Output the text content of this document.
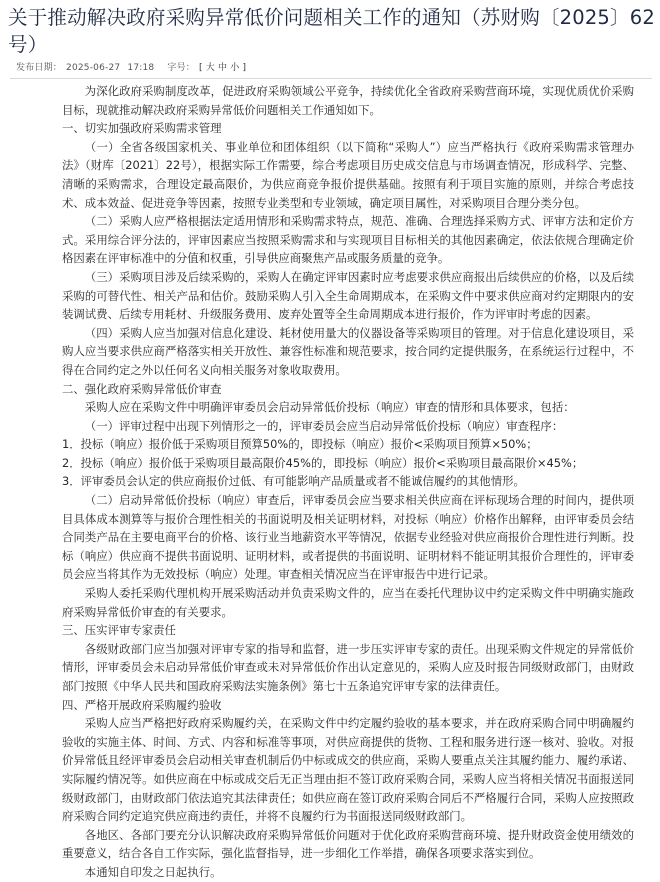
关于推动解决政府采购异常低价问题相关工作的通知（苏财购〔2025〕62号）
发布日期： 2025-06-27 17:18 字号： [ 大 中 小 ]

为深化政府采购制度改革，促进政府采购领域公平竞争，持续优化全省政府采购营商环境，实现优质优价采购目标，现就推动解决政府采购异常低价问题相关工作通知如下。

一、切实加强政府采购需求管理

（一）全省各级国家机关、事业单位和团体组织（以下简称“采购人”）应当严格执行《政府采购需求管理办法》（财库〔2021〕22号），根据实际工作需要，综合考虑项目历史成交信息与市场调查情况，形成科学、完整、清晰的采购需求，合理设定最高限价，为供应商竞争报价提供基础。按照有利于项目实施的原则，并综合考虑技术、成本效益、促进竞争等因素，按照专业类型和专业领域，确定项目属性，对采购项目合理分类分包。

（二）采购人应严格根据法定适用情形和采购需求特点，规范、准确、合理选择采购方式、评审方法和定价方式。采用综合评分法的，评审因素应当按照采购需求和与实现项目目标相关的其他因素确定，依法依规合理确定价格因素在评审标准中的分值和权重，引导供应商聚焦产品或服务质量的竞争。

（三）采购项目涉及后续采购的，采购人在确定评审因素时应考虑要求供应商报出后续供应的价格，以及后续采购的可替代性、相关产品和估价。鼓励采购人引入全生命周期成本，在采购文件中要求供应商对约定期限内的安装调试费、后续专用耗材、升级服务费用、废弃处置等全生命周期成本进行报价，作为评审时考虑的因素。

（四）采购人应当加强对信息化建设、耗材使用量大的仪器设备等采购项目的管理。对于信息化建设项目，采购人应当要求供应商严格落实相关开放性、兼容性标准和规范要求，按合同约定提供服务，在系统运行过程中，不得在合同约定之外以任何名义向相关服务对象收取费用。

二、强化政府采购异常低价审查

采购人应在采购文件中明确评审委员会启动异常低价投标（响应）审查的情形和具体要求，包括：

（一）评审过程中出现下列情形之一的，评审委员会应当启动异常低价投标（响应）审查程序：

1．投标（响应）报价低于采购项目预算50%的，即投标（响应）报价<采购项目预算×50%；

2．投标（响应）报价低于采购项目最高限价45%的，即投标（响应）报价<采购项目最高限价×45%；

3．评审委员会认定的供应商报价过低、有可能影响产品质量或者不能诚信履约的其他情形。

（二）启动异常低价投标（响应）审查后，评审委员会应当要求相关供应商在评标现场合理的时间内，提供项目具体成本测算等与报价合理性相关的书面说明及相关证明材料，对投标（响应）价格作出解释，由评审委员会结合同类产品在主要电商平台的价格、该行业当地薪资水平等情况，依据专业经验对供应商报价合理性进行判断。投标（响应）供应商不提供书面说明、证明材料，或者提供的书面说明、证明材料不能证明其报价合理性的，评审委员会应当将其作为无效投标（响应）处理。审查相关情况应当在评审报告中进行记录。

采购人委托采购代理机构开展采购活动并负责采购文件的，应当在委托代理协议中约定采购文件中明确实施政府采购异常低价审查的有关要求。

三、压实评审专家责任

各级财政部门应当加强对评审专家的指导和监督，进一步压实评审专家的责任。出现采购文件规定的异常低价情形，评审委员会未启动异常低价审查或未对异常低价作出认定意见的，采购人应及时报告同级财政部门，由财政部门按照《中华人民共和国政府采购法实施条例》第七十五条追究评审专家的法律责任。

四、严格开展政府采购履约验收

采购人应当严格把好政府采购履约关，在采购文件中约定履约验收的基本要求，并在政府采购合同中明确履约验收的实施主体、时间、方式、内容和标准等事项，对供应商提供的货物、工程和服务进行逐一核对、验收。对报价异常低且经评审委员会启动相关审查机制后仍中标或成交的供应商，采购人要重点关注其履约能力、履约承诺、实际履约情况等。如供应商在中标或成交后无正当理由拒不签订政府采购合同，采购人应当将相关情况书面报送同级财政部门，由财政部门依法追究其法律责任；如供应商在签订政府采购合同后不严格履行合同，采购人应按照政府采购合同约定追究供应商违约责任，并将不良履约行为书面报送同级财政部门。

各地区、各部门要充分认识解决政府采购异常低价问题对于优化政府采购营商环境、提升财政资金使用绩效的重要意义，结合各自工作实际，强化监督指导，进一步细化工作举措，确保各项要求落实到位。

本通知自印发之日起执行。
